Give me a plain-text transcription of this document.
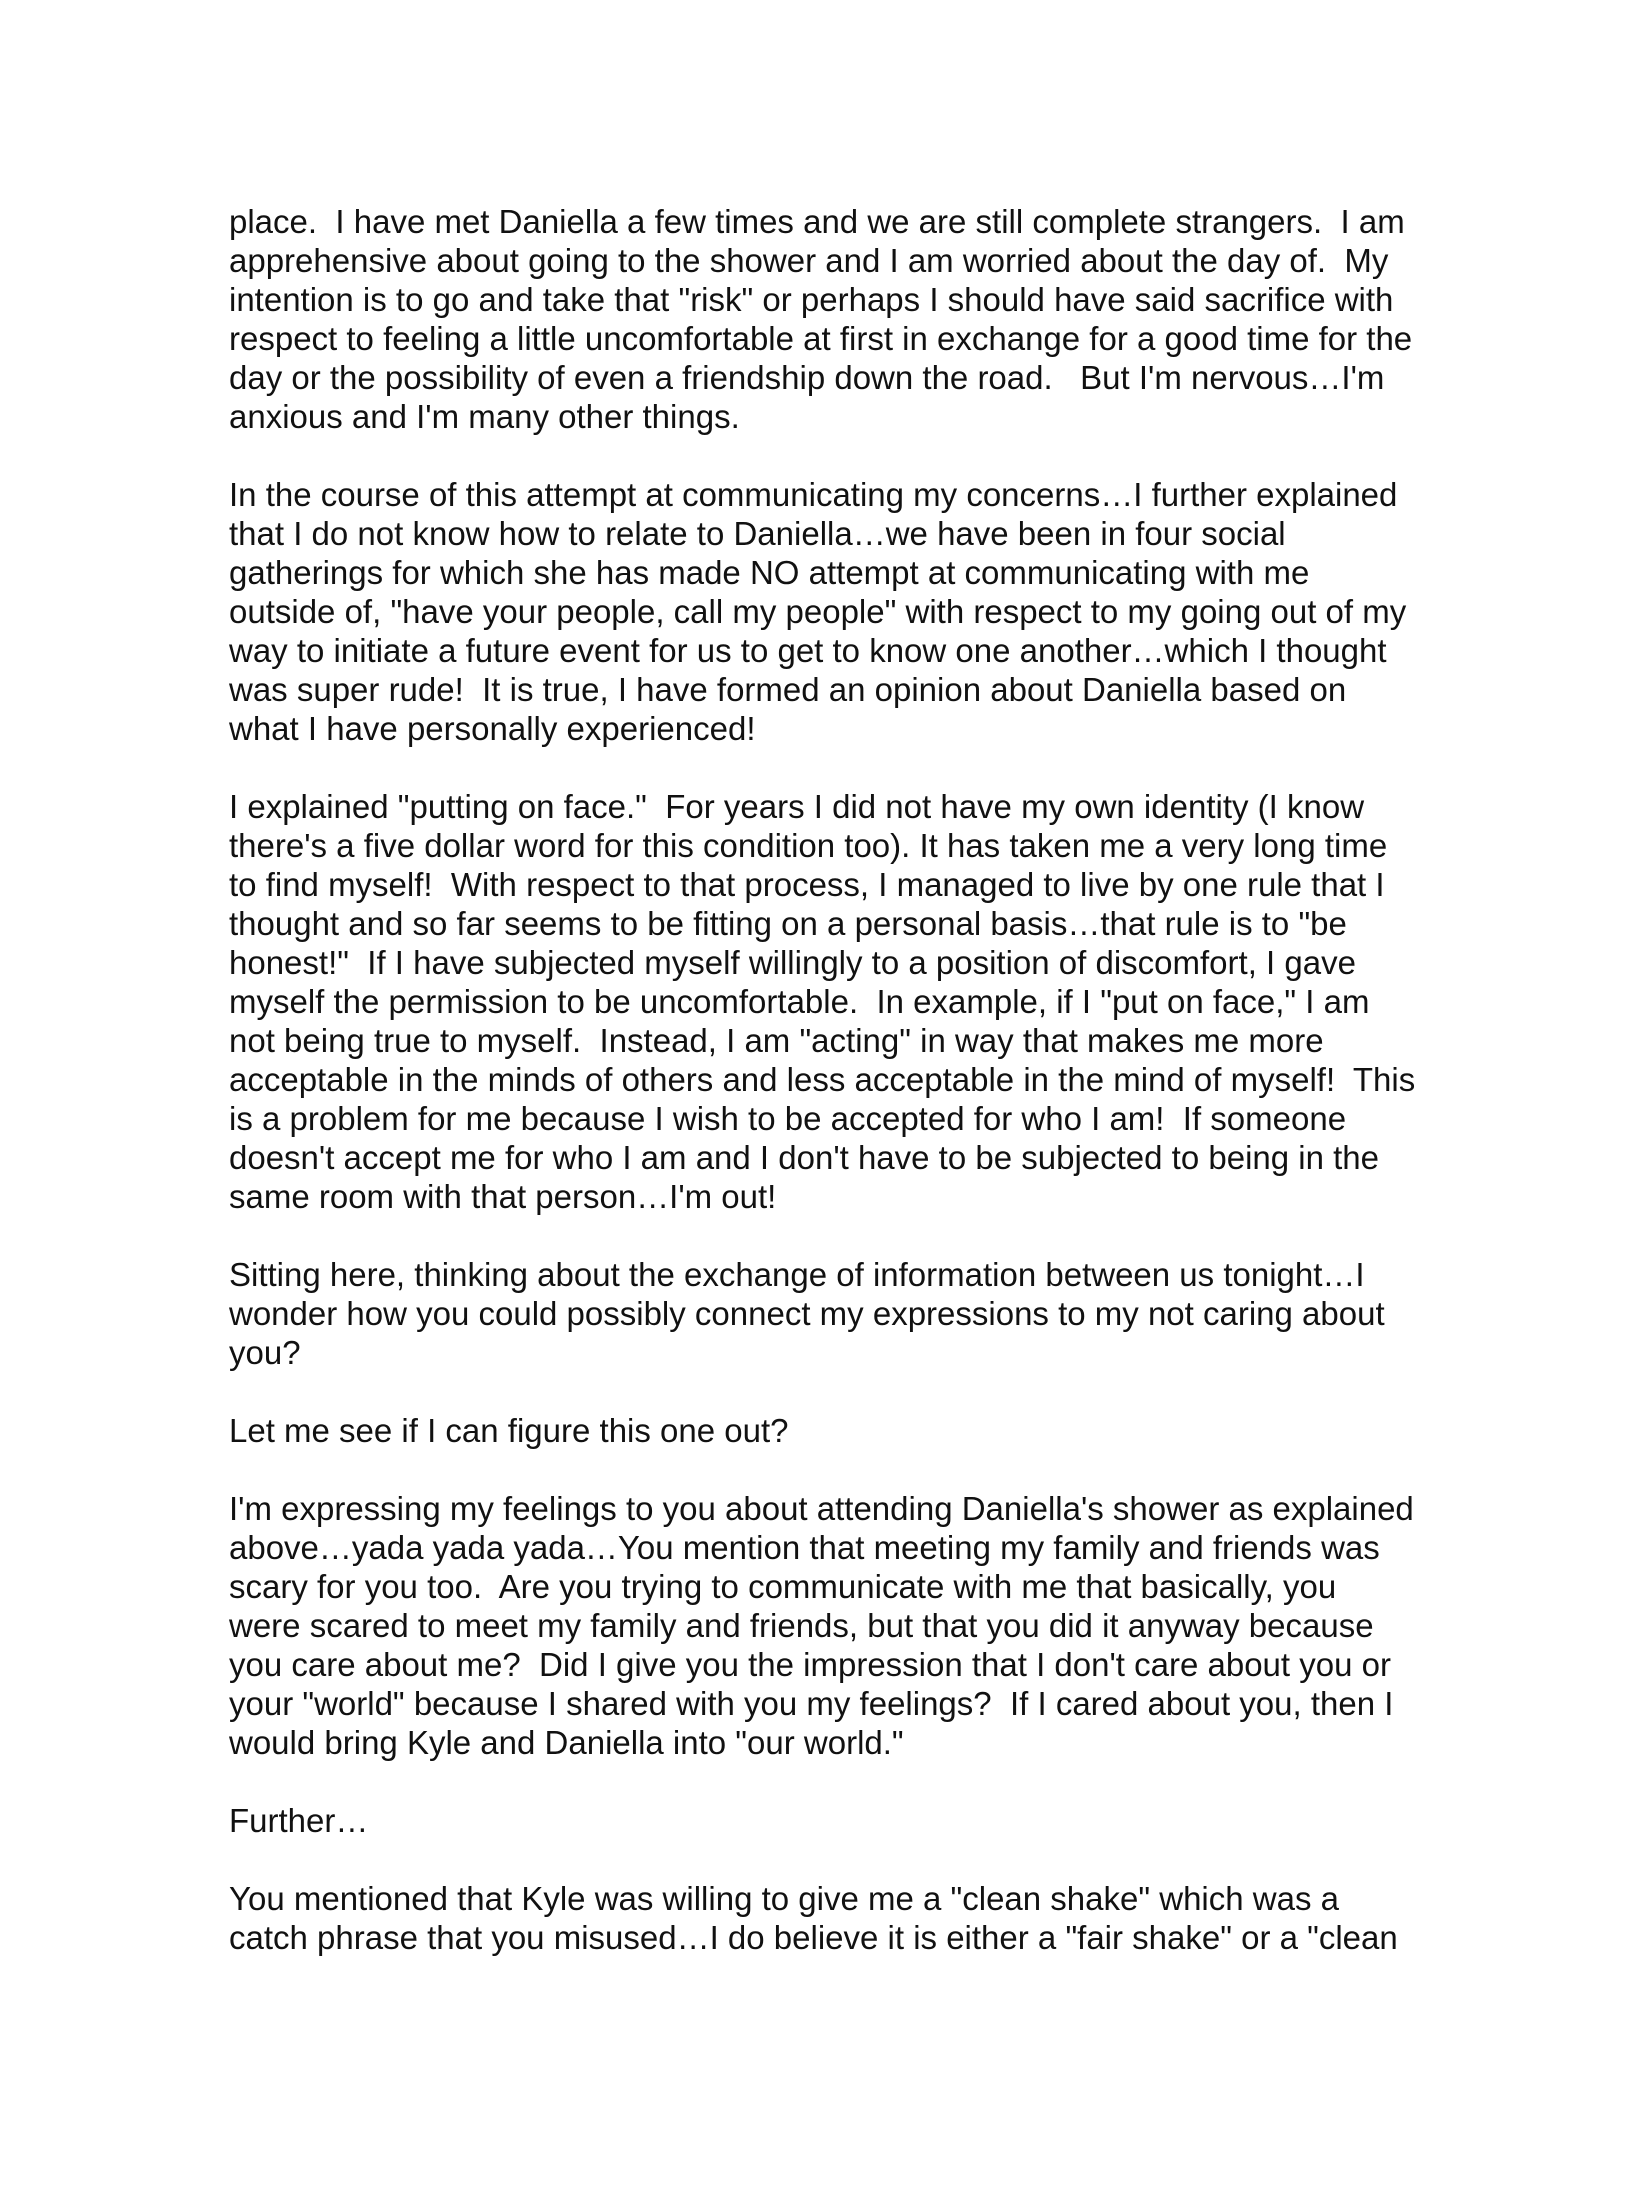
place.  I have met Daniella a few times and we are still complete strangers.  I am
apprehensive about going to the shower and I am worried about the day of.  My
intention is to go and take that "risk" or perhaps I should have said sacrifice with
respect to feeling a little uncomfortable at first in exchange for a good time for the
day or the possibility of even a friendship down the road.   But I'm nervous…I'm
anxious and I'm many other things.
In the course of this attempt at communicating my concerns…I further explained
that I do not know how to relate to Daniella…we have been in four social
gatherings for which she has made NO attempt at communicating with me
outside of, "have your people, call my people" with respect to my going out of my
way to initiate a future event for us to get to know one another…which I thought
was super rude!  It is true, I have formed an opinion about Daniella based on
what I have personally experienced!
I explained "putting on face."  For years I did not have my own identity (I know
there's a five dollar word for this condition too). It has taken me a very long time
to find myself!  With respect to that process, I managed to live by one rule that I
thought and so far seems to be fitting on a personal basis…that rule is to "be
honest!"  If I have subjected myself willingly to a position of discomfort, I gave
myself the permission to be uncomfortable.  In example, if I "put on face," I am
not being true to myself.  Instead, I am "acting" in way that makes me more
acceptable in the minds of others and less acceptable in the mind of myself!  This
is a problem for me because I wish to be accepted for who I am!  If someone
doesn't accept me for who I am and I don't have to be subjected to being in the
same room with that person…I'm out!
Sitting here, thinking about the exchange of information between us tonight…I
wonder how you could possibly connect my expressions to my not caring about
you?
Let me see if I can figure this one out?
I'm expressing my feelings to you about attending Daniella's shower as explained
above…yada yada yada…You mention that meeting my family and friends was
scary for you too.  Are you trying to communicate with me that basically, you
were scared to meet my family and friends, but that you did it anyway because
you care about me?  Did I give you the impression that I don't care about you or
your "world" because I shared with you my feelings?  If I cared about you, then I
would bring Kyle and Daniella into "our world."
Further…
You mentioned that Kyle was willing to give me a "clean shake" which was a
catch phrase that you misused…I do believe it is either a "fair shake" or a "clean
